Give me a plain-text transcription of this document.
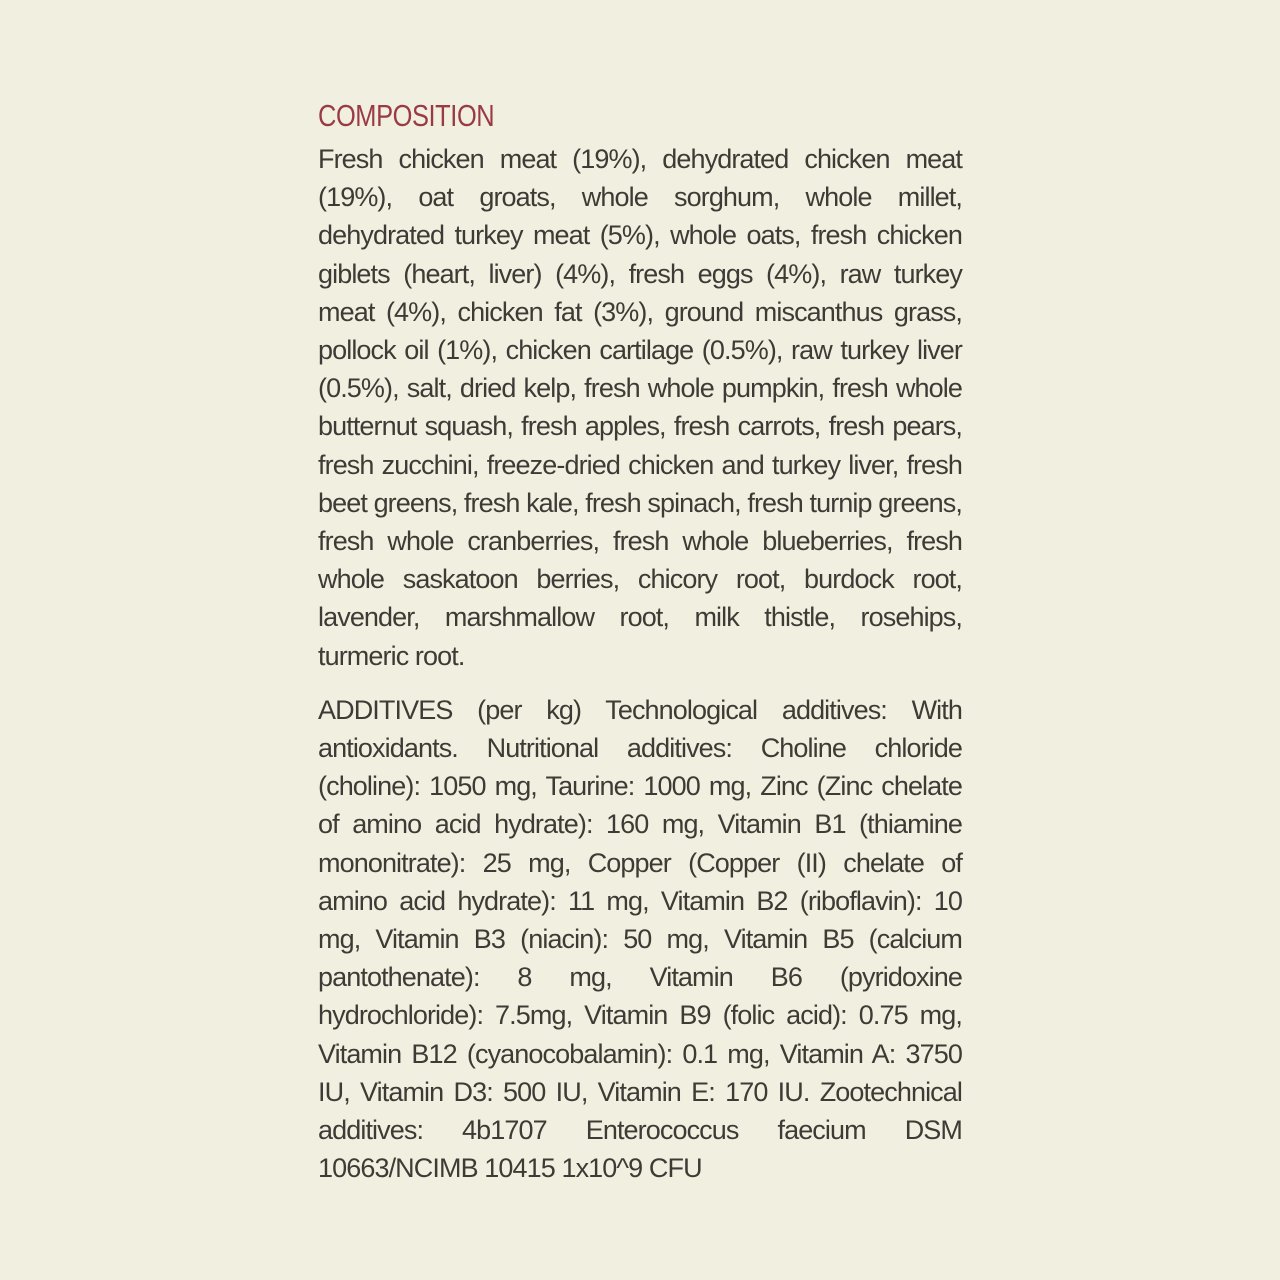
COMPOSITION

Fresh chicken meat (19%), dehydrated chicken meat (19%), oat groats, whole sorghum, whole millet, dehydrated turkey meat (5%), whole oats, fresh chicken giblets (heart, liver) (4%), fresh eggs (4%), raw turkey meat (4%), chicken fat (3%), ground miscanthus grass, pollock oil (1%), chicken cartilage (0.5%), raw turkey liver (0.5%), salt, dried kelp, fresh whole pumpkin, fresh whole butternut squash, fresh apples, fresh carrots, fresh pears, fresh zucchini, freeze-dried chicken and turkey liver, fresh beet greens, fresh kale, fresh spinach, fresh turnip greens, fresh whole cranberries, fresh whole blueberries, fresh whole saskatoon berries, chicory root, burdock root, lavender, marshmallow root, milk thistle, rosehips, turmeric root.

ADDITIVES (per kg) Technological additives: With antioxidants. Nutritional additives: Choline chloride (choline): 1050 mg, Taurine: 1000 mg, Zinc (Zinc chelate of amino acid hydrate): 160 mg, Vitamin B1 (thiamine mononitrate): 25 mg, Copper (Copper (II) chelate of amino acid hydrate): 11 mg, Vitamin B2 (riboflavin): 10 mg, Vitamin B3 (niacin): 50 mg, Vitamin B5 (calcium pantothenate): 8 mg, Vitamin B6 (pyridoxine hydrochloride): 7.5mg, Vitamin B9 (folic acid): 0.75 mg, Vitamin B12 (cyanocobalamin): 0.1 mg, Vitamin A: 3750 IU, Vitamin D3: 500 IU, Vitamin E: 170 IU. Zootechnical additives: 4b1707 Enterococcus faecium DSM 10663/NCIMB 10415 1x10^9 CFU
